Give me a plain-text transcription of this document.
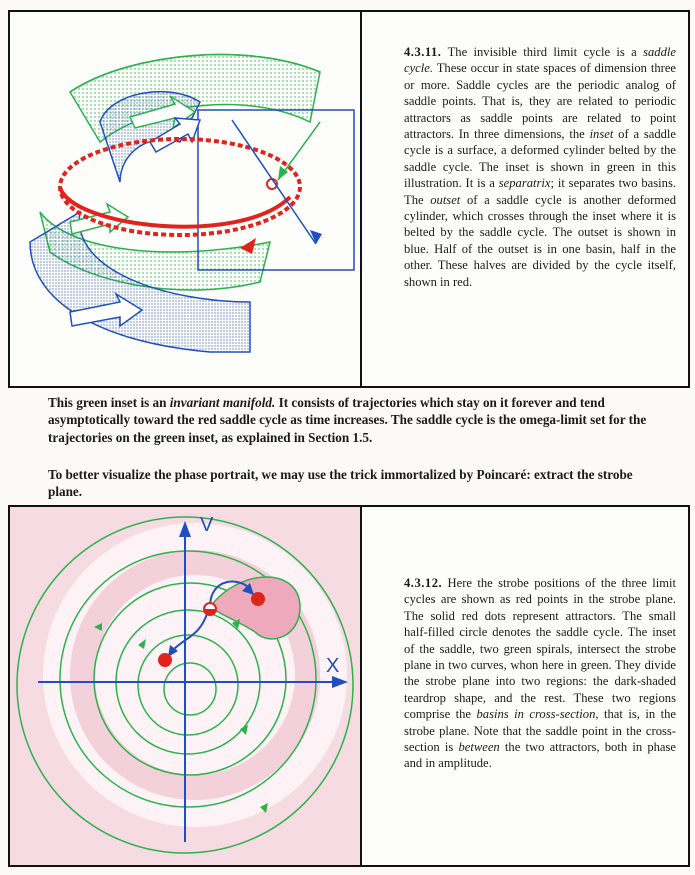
4.3.11. The invisible third limit cycle is a saddle cycle. These occur in state spaces of dimension three or more. Saddle cycles are the periodic analog of saddle points. That is, they are related to periodic attractors as saddle points are related to point attractors. In three dimensions, the inset of a saddle cycle is a surface, a deformed cylinder belted by the saddle cycle. The inset is shown in green in this illustration. It is a separatrix; it separates two basins. The outset of a saddle cycle is another deformed cylinder, which crosses through the inset where it is belted by the saddle cycle. The outset is shown in blue. Half of the outset is in one basin, half in the other. These halves are divided by the cycle itself, shown in red.
This green inset is an invariant manifold. It consists of trajectories which stay on it forever and tend asymptotically toward the red saddle cycle as time increases. The saddle cycle is the omega-limit set for the trajectories on the green inset, as explained in Section 1.5.
To better visualize the phase portrait, we may use the trick immortalized by Poincaré: extract the strobe plane.
V
X
4.3.12. Here the strobe positions of the three limit cycles are shown as red points in the strobe plane. The solid red dots represent attractors. The small half-filled circle denotes the saddle cycle. The inset of the saddle, two green spirals, intersect the strobe plane in two curves, whon here in green. They divide the strobe plane into two regions: the dark-shaded teardrop shape, and the rest. These two regions comprise the basins in cross-section, that is, in the strobe plane. Note that the saddle point in the cross-section is between the two attractors, both in phase and in amplitude.
